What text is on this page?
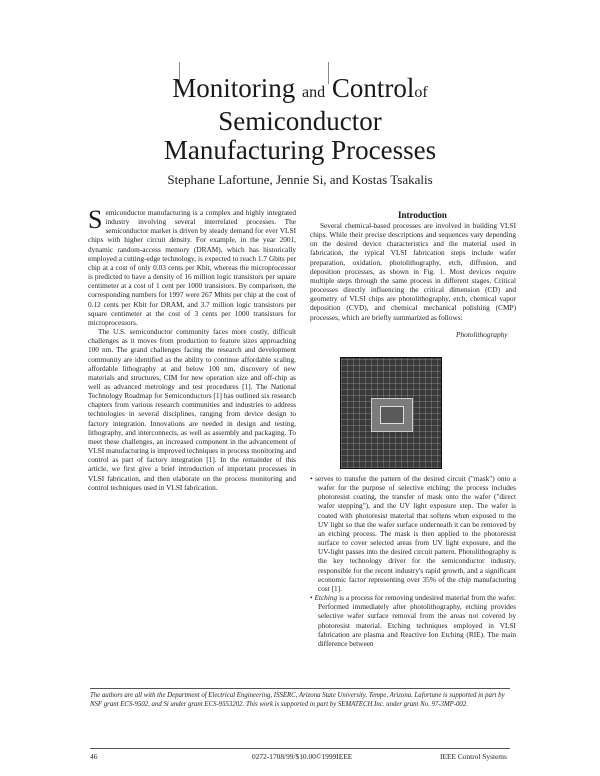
Monitoring and Controlof
Semiconductor
Manufacturing Processes
Stephane Lafortune, Jennie Si, and Kostas Tsakalis

Semiconductor manufacturing is a complex and highly integrated industry involving several interrelated processes. The semiconductor market is driven by steady demand for ever VLSI chips with higher circuit density. For example, in the year 2001, dynamic random-access memory (DRAM), which has historically employed a cutting-edge technology, is expected to reach 1.7 Gbits per chip at a cost of only 0.03 cents per Kbit, whereas the microprocessor is predicted to have a density of 16 million logic transistors per square centimeter at a cost of 1 cent per 1000 transistors. By comparison, the corresponding numbers for 1997 were 267 Mbits per chip at the cost of 0.12 cents per Kbit for DRAM, and 3.7 million logic transistors per square centimeter at the cost of 3 cents per 1000 transistors for microprocessors.

The U.S. semiconductor community faces more costly, difficult challenges as it moves from production to feature sizes approaching 100 nm. The grand challenges facing the research and development community are identified as the ability to continue affordable scaling, affordable lithography at and below 100 nm, discovery of new materials and structures, CIM for new operation size and off-chip as well as advanced metrology and test procedures [1]. The National Technology Roadmap for Semiconductors [1] has outlined six research chapters from various research communities and industries to address technologies in several disciplines, ranging from device design to factory integration. Innovations are needed in design and testing, lithography, and interconnects, as well as assembly and packaging. To meet these challenges, an increased component in the advancement of VLSI manufacturing is improved techniques in process monitoring and control as part of factory integration [1]. In the remainder of this article, we first give a brief introduction of important processes in VLSI fabrication, and then elaborate on the process monitoring and control techniques used in VLSI fabrication.

Introduction

Several chemical-based processes are involved in building VLSI chips. While their precise descriptions and sequences vary depending on the desired device characteristics and the material used in fabrication, the typical VLSI fabrication steps include wafer preparation, oxidation, photolithography, etch, diffusion, and deposition processes, as shown in Fig. 1. Most devices require multiple steps through the same process in different stages. Critical processes directly influencing the critical dimension (CD) and geometry of VLSI chips are photolithography, etch, chemical vapor deposition (CVD), and chemical mechanical polishing (CMP) processes, which are briefly summarized as follows:

Photolithography

• serves to transfer the pattern of the desired circuit ("mask") onto a wafer for the purpose of selective etching; the process includes photoresist coating, the transfer of mask onto the wafer ("direct wafer stepping"), and the UV light exposure step. The wafer is coated with photoresist material that softens when exposed to the UV light so that the wafer surface underneath it can be removed by an etching process. The mask is then applied to the photoresist surface to cover selected areas from UV light exposure, and the UV-light passes into the desired circuit pattern. Photolithography is the key technology driver for the semiconductor industry, responsible for the recent industry's rapid growth, and a significant economic factor representing over 35% of the chip manufacturing cost [1].

• Etching is a process for removing undesired material from the wafer. Performed immediately after photolithography, etching provides selective wafer surface removal from the areas not covered by photoresist material. Etching techniques employed in VLSI fabrication are plasma and Reactive Ion Etching (RIE). The main difference between

The authors are all with the Department of Electrical Engineering, ISSERC, Arizona State University, Tempe, Arizona. Lafortune is supported in part by NSF grant ECS-9502, and Si under grant ECS-9553202. This work is supported in part by SEMATECH Inc. under grant No. 97-3MP-002.
46	0272-1708/99/$10.00©1999IEEE	IEEE Control Systems
